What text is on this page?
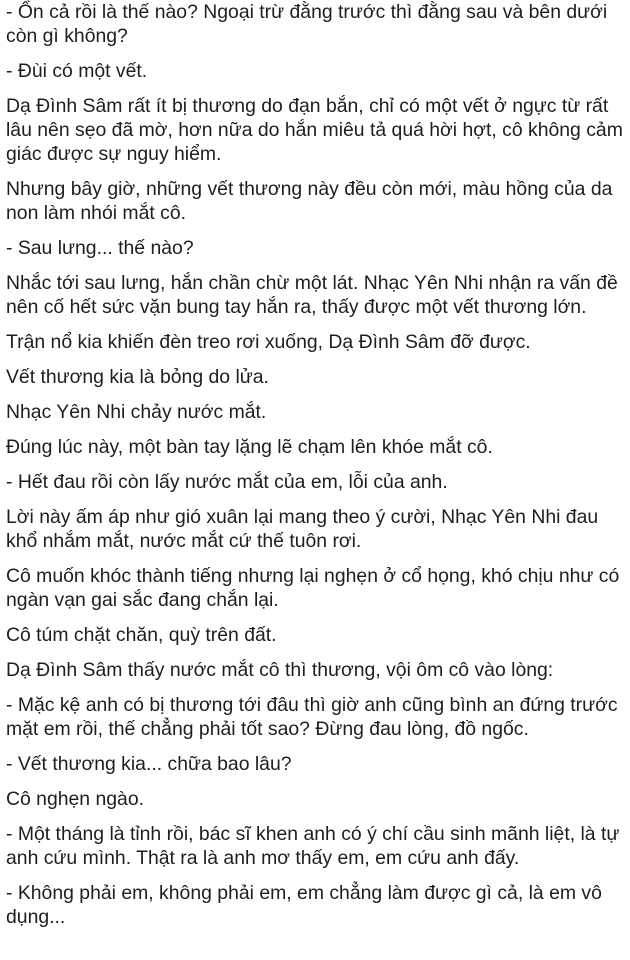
- Ổn cả rồi là thế nào? Ngoại trừ đằng trước thì đằng sau và bên dưới còn gì không?

- Đùi có một vết.

Dạ Đình Sâm rất ít bị thương do đạn bắn, chỉ có một vết ở ngực từ rất lâu nên sẹo đã mờ, hơn nữa do hắn miêu tả quá hời hợt, cô không cảm giác được sự nguy hiểm.

Nhưng bây giờ, những vết thương này đều còn mới, màu hồng của da non làm nhói mắt cô.

- Sau lưng... thế nào?

Nhắc tới sau lưng, hắn chần chừ một lát. Nhạc Yên Nhi nhận ra vấn đề nên cố hết sức vặn bung tay hắn ra, thấy được một vết thương lớn.

Trận nổ kia khiến đèn treo rơi xuống, Dạ Đình Sâm đỡ được.

Vết thương kia là bỏng do lửa.

Nhạc Yên Nhi chảy nước mắt.

Đúng lúc này, một bàn tay lặng lẽ chạm lên khóe mắt cô.

- Hết đau rồi còn lấy nước mắt của em, lỗi của anh.

Lời này ấm áp như gió xuân lại mang theo ý cười, Nhạc Yên Nhi đau khổ nhắm mắt, nước mắt cứ thế tuôn rơi.

Cô muốn khóc thành tiếng nhưng lại nghẹn ở cổ họng, khó chịu như có ngàn vạn gai sắc đang chắn lại.

Cô túm chặt chăn, quỳ trên đất.

Dạ Đình Sâm thấy nước mắt cô thì thương, vội ôm cô vào lòng:

- Mặc kệ anh có bị thương tới đâu thì giờ anh cũng bình an đứng trước mặt em rồi, thế chẳng phải tốt sao? Đừng đau lòng, đồ ngốc.

- Vết thương kia... chữa bao lâu?

Cô nghẹn ngào.

- Một tháng là tỉnh rồi, bác sĩ khen anh có ý chí cầu sinh mãnh liệt, là tự anh cứu mình. Thật ra là anh mơ thấy em, em cứu anh đấy.

- Không phải em, không phải em, em chẳng làm được gì cả, là em vô dụng...
